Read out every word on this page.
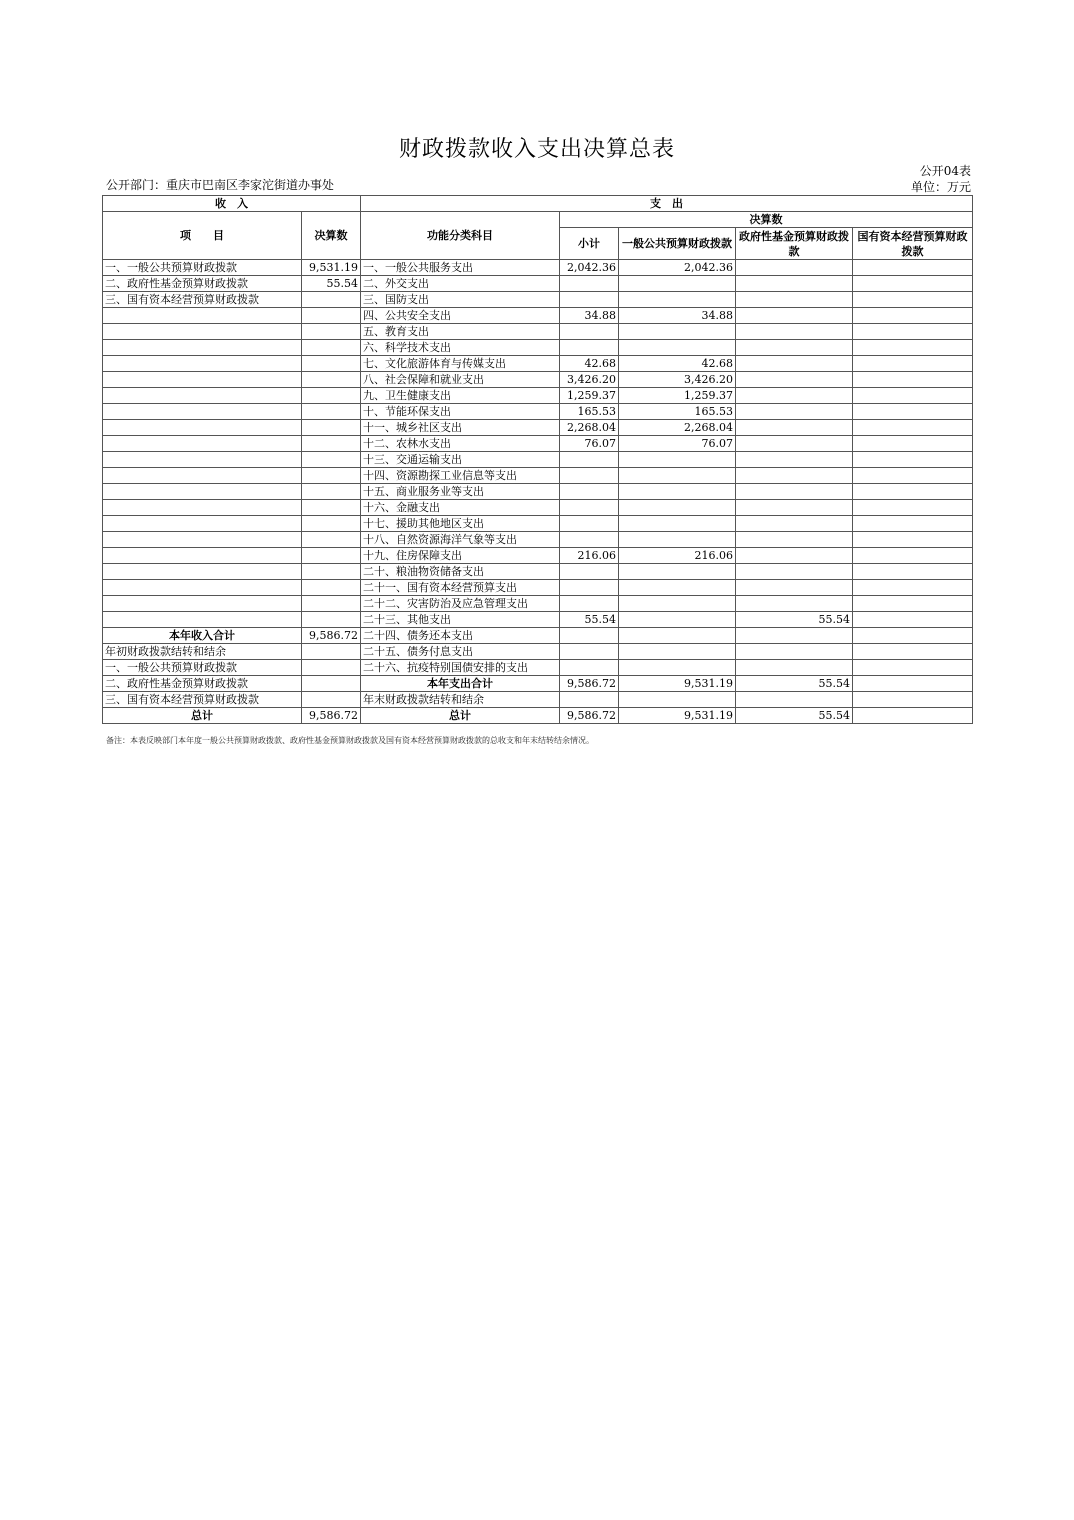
财政拨款收入支出决算总表
公开04表
公开部门：重庆市巴南区李家沱街道办事处	单位：万元
收　入		支　出				
项　　目	决算数	功能分类科目	决算数			
			小计	一般公共预算财政拨款	政府性基金预算财政拨款	国有资本经营预算财政拨款
一、一般公共预算财政拨款	9,531.19	一、一般公共服务支出	2,042.36	2,042.36		
二、政府性基金预算财政拨款	55.54	二、外交支出				
三、国有资本经营预算财政拨款		三、国防支出				
		四、公共安全支出	34.88	34.88		
		五、教育支出				
		六、科学技术支出				
		七、文化旅游体育与传媒支出	42.68	42.68		
		八、社会保障和就业支出	3,426.20	3,426.20		
		九、卫生健康支出	1,259.37	1,259.37		
		十、节能环保支出	165.53	165.53		
		十一、城乡社区支出	2,268.04	2,268.04		
		十二、农林水支出	76.07	76.07		
		十三、交通运输支出				
		十四、资源勘探工业信息等支出				
		十五、商业服务业等支出				
		十六、金融支出				
		十七、援助其他地区支出				
		十八、自然资源海洋气象等支出				
		十九、住房保障支出	216.06	216.06		
		二十、粮油物资储备支出				
		二十一、国有资本经营预算支出				
		二十二、灾害防治及应急管理支出				
		二十三、其他支出	55.54		55.54	
本年收入合计	9,586.72	二十四、债务还本支出				
年初财政拨款结转和结余		二十五、债务付息支出				
一、一般公共预算财政拨款		二十六、抗疫特别国债安排的支出				
二、政府性基金预算财政拨款		本年支出合计	9,586.72	9,531.19	55.54	
三、国有资本经营预算财政拨款		年末财政拨款结转和结余				
总计	9,586.72	总计	9,586.72	9,531.19	55.54	
备注：本表反映部门本年度一般公共预算财政拨款、政府性基金预算财政拨款及国有资本经营预算财政拨款的总收支和年末结转结余情况。
